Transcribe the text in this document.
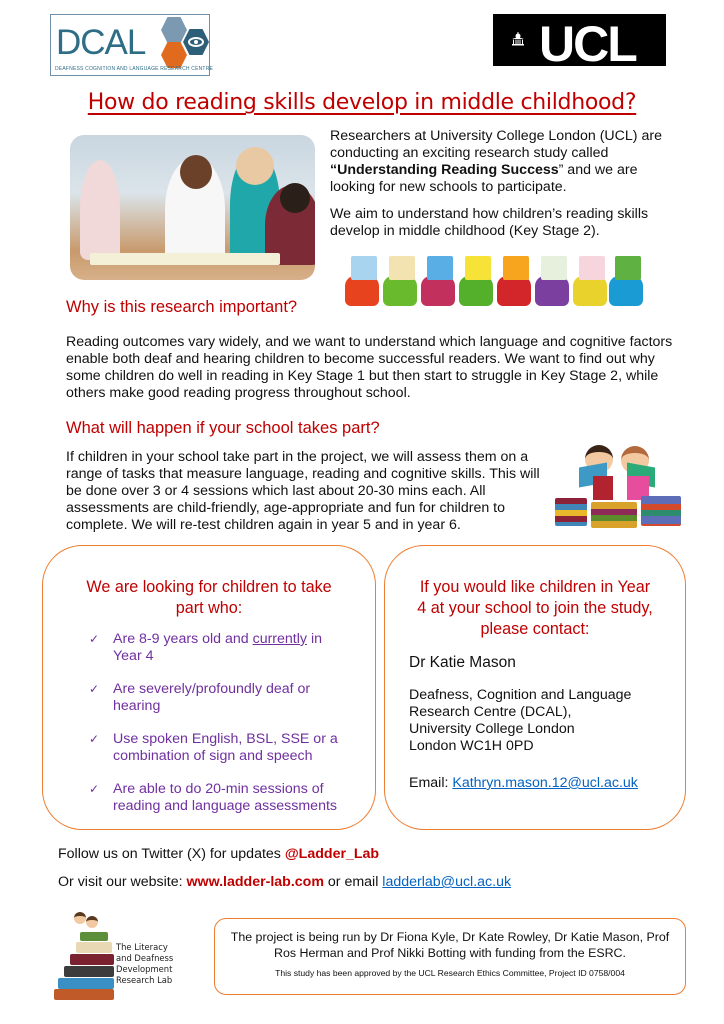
DCAL
DEAFNESS COGNITION AND LANGUAGE RESEARCH CENTRE	UCL
How do reading skills develop in middle childhood?

Researchers at University College London (UCL) are conducting an exciting research study called “Understanding Reading Success” and we are looking for new schools to participate.

We aim to understand how children’s reading skills develop in middle childhood (Key Stage 2).

Why is this research important?
Reading outcomes vary widely, and we want to understand which language and cognitive factors enable both deaf and hearing children to become successful readers. We want to find out why some children do well in reading in Key Stage 1 but then start to struggle in Key Stage 2, while others make good reading progress throughout school.
What will happen if your school takes part?
If children in your school take part in the project, we will assess them on a range of tasks that measure language, reading and cognitive skills. This will be done over 3 or 4 sessions which last about 20-30 mins each. All assessments are child-friendly, age-appropriate and fun for children to complete. We will re-test children again in year 5 and in year 6.
We are looking for children to take part who:
✓ Are 8-9 years old and currently in Year 4
✓ Are severely/profoundly deaf or hearing
✓ Use spoken English, BSL, SSE or a combination of sign and speech
✓ Are able to do 20-min sessions of reading and language assessments
If you would like children in Year 4 at your school to join the study, please contact:
Dr Katie Mason
Deafness, Cognition and Language
Research Centre (DCAL),
University College London
London WC1H 0PD
Email: Kathryn.mason.12@ucl.ac.uk
Follow us on Twitter (X) for updates @Ladder_Lab
Or visit our website: www.ladder-lab.com or email ladderlab@ucl.ac.uk
The Literacy
and Deafness
Development
Research Lab
The project is being run by Dr Fiona Kyle, Dr Kate Rowley, Dr Katie Mason, Prof Ros Herman and Prof Nikki Botting with funding from the ESRC.
This study has been approved by the UCL Research Ethics Committee, Project ID 0758/004
